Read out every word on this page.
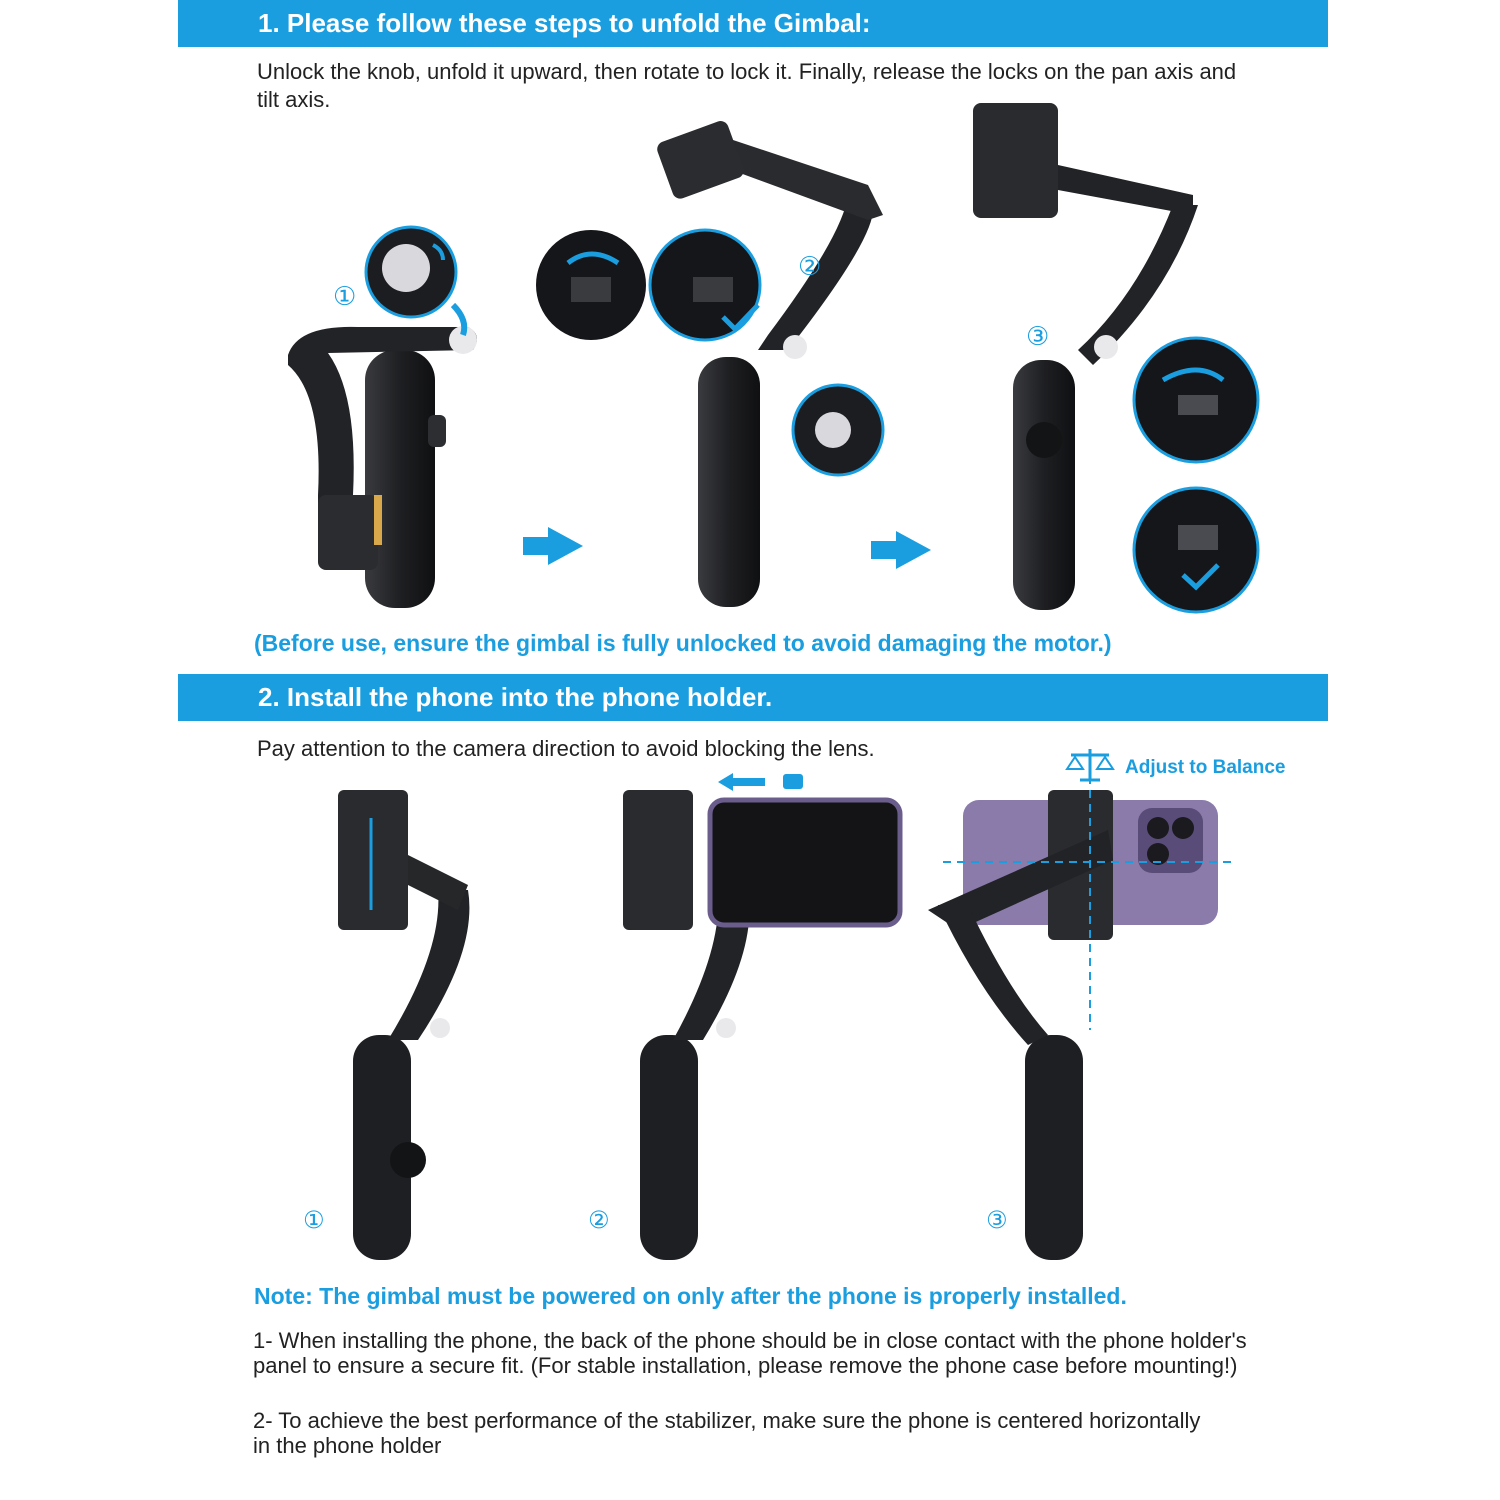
1. Please follow these steps to unfold the Gimbal:
Unlock the knob, unfold it upward, then rotate to lock it. Finally, release the locks on the pan axis and tilt axis.
①
②
③
(Before use, ensure the gimbal is fully unlocked to avoid damaging the motor.)
2. Install the phone into the phone holder.
Pay attention to the camera direction to avoid blocking the lens.
Adjust to Balance
①	②	③
Note: The gimbal must be powered on only after the phone is properly installed.
1- When installing the phone, the back of the phone should be in close contact with the phone holder's panel to ensure a secure fit. (For stable installation, please remove the phone case before mounting!)
2- To achieve the best performance of the stabilizer, make sure the phone is centered horizontally in the phone holder
